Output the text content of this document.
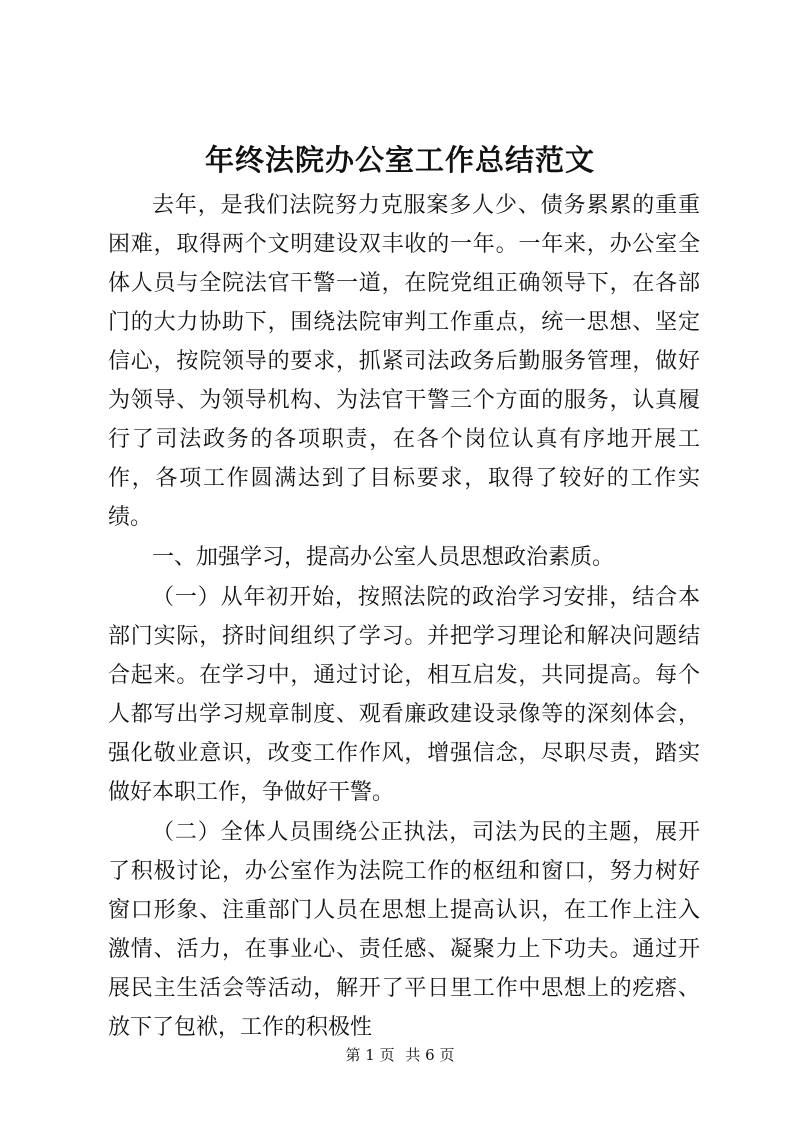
年终法院办公室工作总结范文

去年，是我们法院努力克服案多人少、债务累累的重重困难，取得两个文明建设双丰收的一年。一年来，办公室全体人员与全院法官干警一道，在院党组正确领导下，在各部门的大力协助下，围绕法院审判工作重点，统一思想、坚定信心，按院领导的要求，抓紧司法政务后勤服务管理，做好为领导、为领导机构、为法官干警三个方面的服务，认真履行了司法政务的各项职责，在各个岗位认真有序地开展工作，各项工作圆满达到了目标要求，取得了较好的工作实绩。

一、加强学习，提高办公室人员思想政治素质。

（一）从年初开始，按照法院的政治学习安排，结合本部门实际，挤时间组织了学习。并把学习理论和解决问题结合起来。在学习中，通过讨论，相互启发，共同提高。每个人都写出学习规章制度、观看廉政建设录像等的深刻体会，强化敬业意识，改变工作作风，增强信念，尽职尽责，踏实做好本职工作，争做好干警。

（二）全体人员围绕公正执法，司法为民的主题，展开了积极讨论，办公室作为法院工作的枢纽和窗口，努力树好窗口形象、注重部门人员在思想上提高认识，在工作上注入激情、活力，在事业心、责任感、凝聚力上下功夫。通过开展民主生活会等活动，解开了平日里工作中思想上的疙瘩、放下了包袱，工作的积极性

第 1 页 共 6 页
